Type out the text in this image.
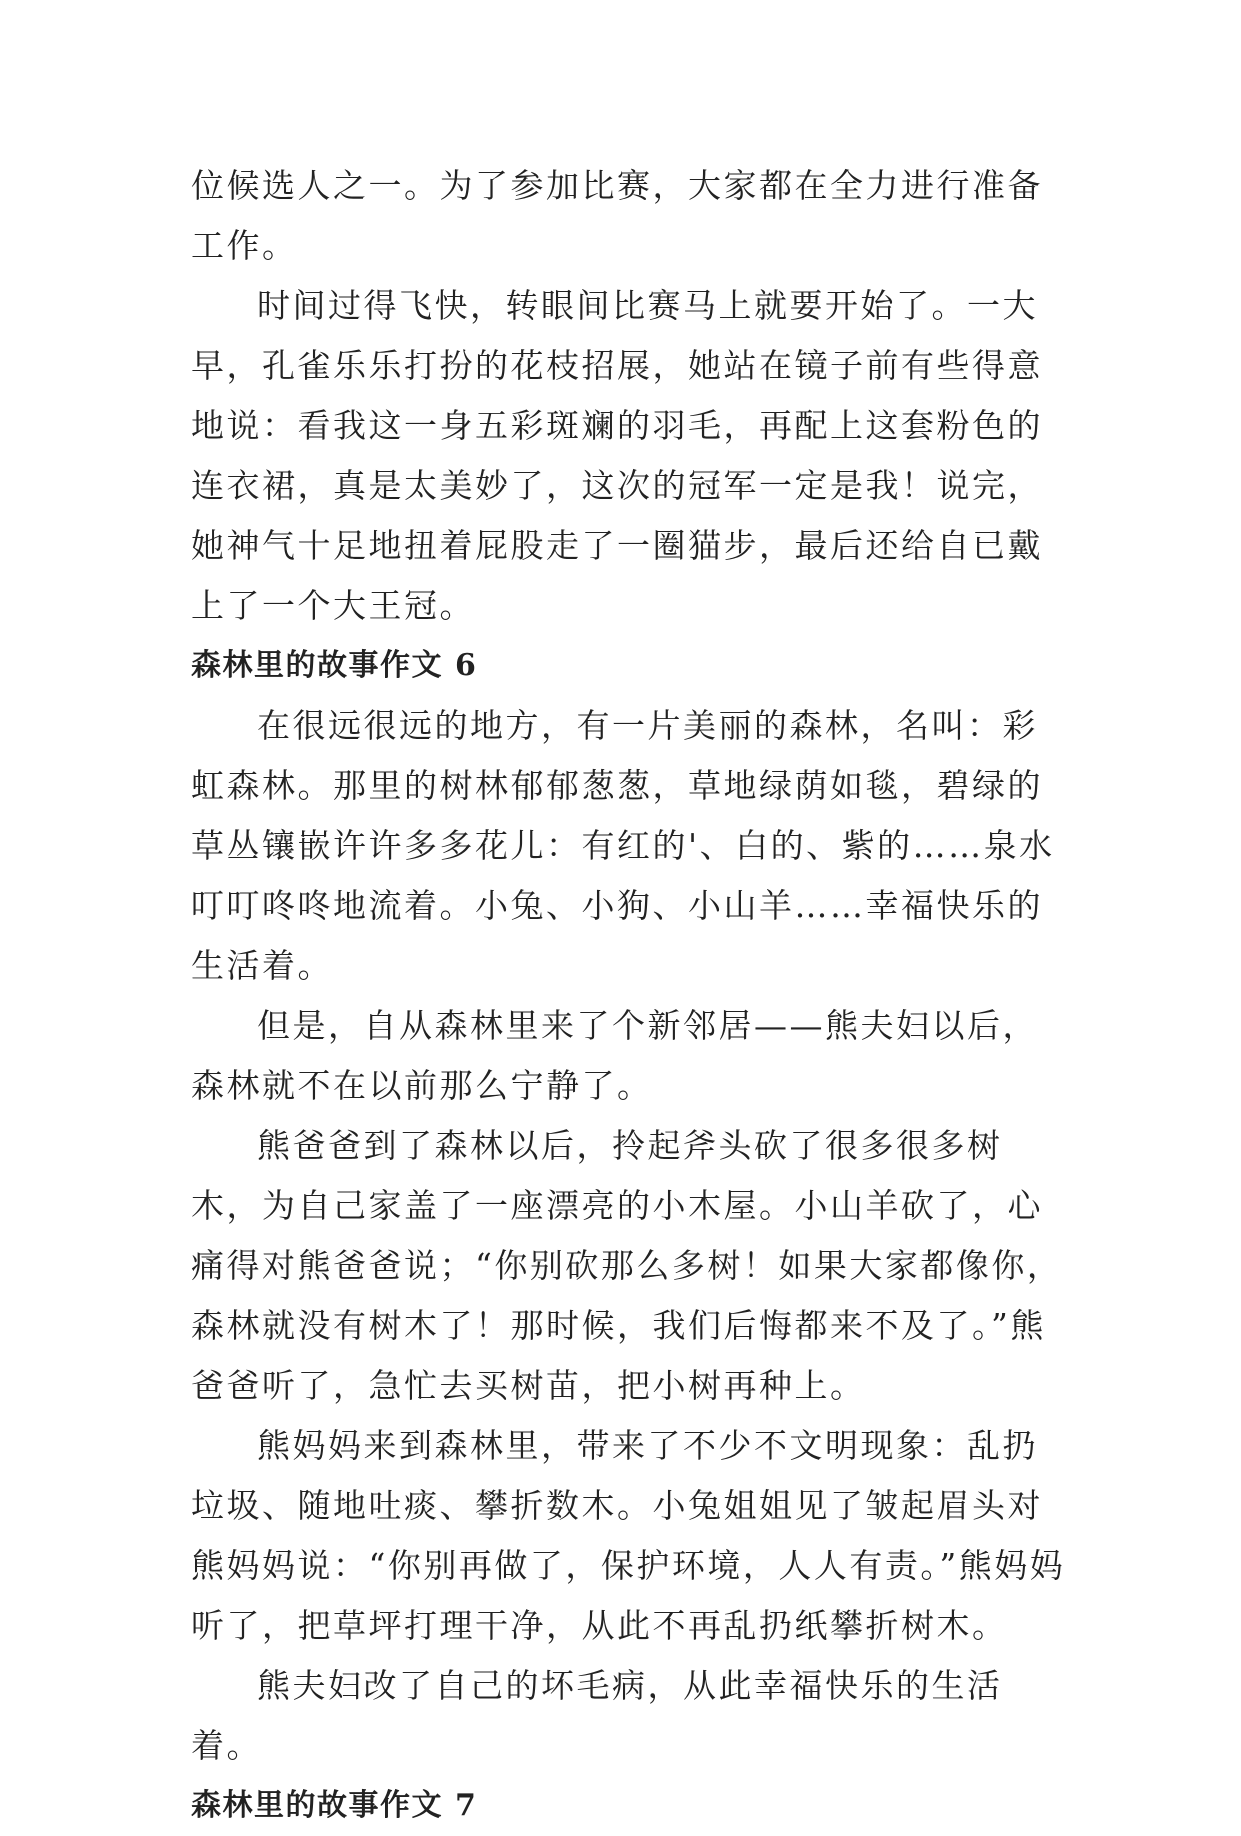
位候选人之一。为了参加比赛，大家都在全力进行准备工作。

时间过得飞快，转眼间比赛马上就要开始了。一大早，孔雀乐乐打扮的花枝招展，她站在镜子前有些得意地说：看我这一身五彩斑斓的羽毛，再配上这套粉色的连衣裙，真是太美妙了，这次的冠军一定是我！说完，她神气十足地扭着屁股走了一圈猫步，最后还给自已戴上了一个大王冠。

森林里的故事作文 6

在很远很远的地方，有一片美丽的森林，名叫：彩虹森林。那里的树林郁郁葱葱，草地绿荫如毯，碧绿的草丛镶嵌许许多多花儿：有红的'、白的、紫的……泉水叮叮咚咚地流着。小兔、小狗、小山羊……幸福快乐的生活着。

但是，自从森林里来了个新邻居——熊夫妇以后，森林就不在以前那么宁静了。

熊爸爸到了森林以后，拎起斧头砍了很多很多树木，为自己家盖了一座漂亮的小木屋。小山羊砍了，心痛得对熊爸爸说；“你别砍那么多树！如果大家都像你，森林就没有树木了！那时候，我们后悔都来不及了。”熊爸爸听了，急忙去买树苗，把小树再种上。

熊妈妈来到森林里，带来了不少不文明现象：乱扔垃圾、随地吐痰、攀折数木。小兔姐姐见了皱起眉头对熊妈妈说：“你别再做了，保护环境，人人有责。”熊妈妈听了，把草坪打理干净，从此不再乱扔纸攀折树木。

熊夫妇改了自己的坏毛病，从此幸福快乐的生活着。

森林里的故事作文 7
